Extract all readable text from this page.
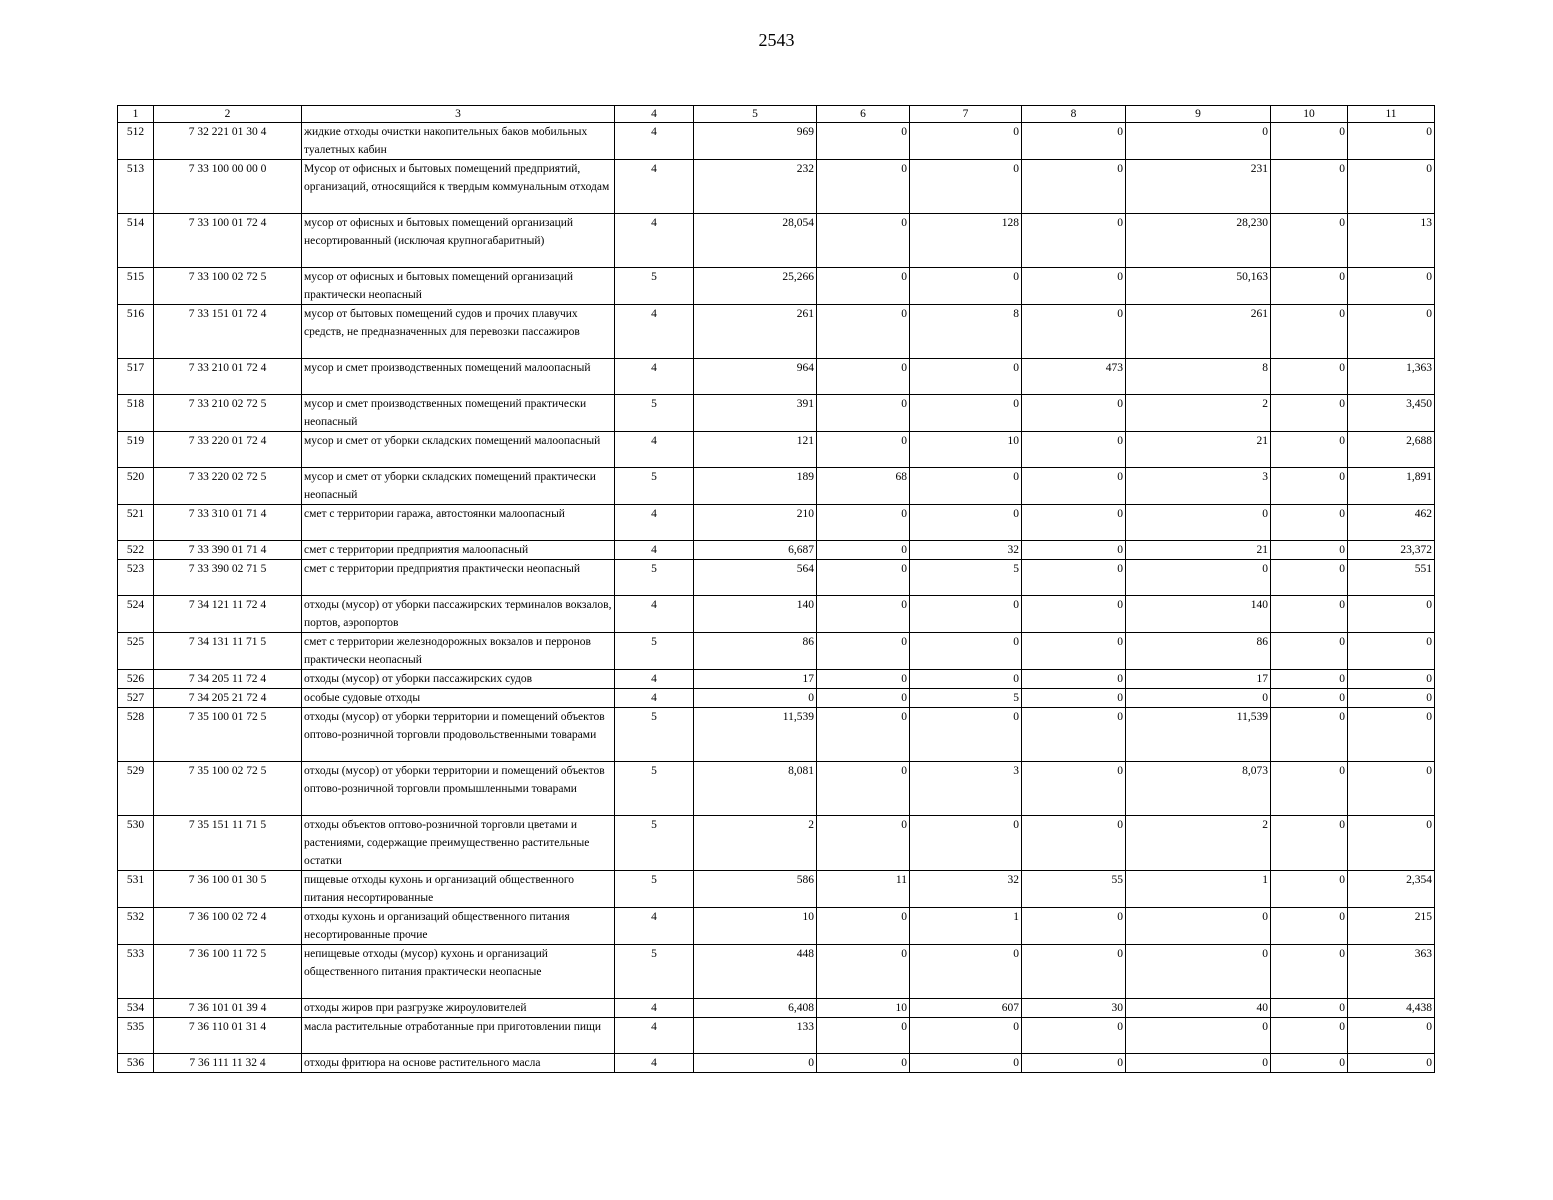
2543
1	2	3	4	5	6	7	8	9	10	11
512	7 32 221 01 30 4	жидкие отходы очистки накопительных баков мобильных туалетных кабин	4	969	0	0	0	0	0	0
513	7 33 100 00 00 0	Мусор от офисных и бытовых помещений предприятий, организаций, относящийся к твердым коммунальным отходам	4	232	0	0	0	231	0	0
514	7 33 100 01 72 4	мусор от офисных и бытовых помещений организаций несортированный (исключая крупногабаритный)	4	28,054	0	128	0	28,230	0	13
515	7 33 100 02 72 5	мусор от офисных и бытовых помещений организаций практически неопасный	5	25,266	0	0	0	50,163	0	0
516	7 33 151 01 72 4	мусор от бытовых помещений судов и прочих плавучих средств, не предназначенных для перевозки пассажиров	4	261	0	8	0	261	0	0
517	7 33 210 01 72 4	мусор и смет производственных помещений малоопасный	4	964	0	0	473	8	0	1,363
518	7 33 210 02 72 5	мусор и смет производственных помещений практически неопасный	5	391	0	0	0	2	0	3,450
519	7 33 220 01 72 4	мусор и смет от уборки складских помещений малоопасный	4	121	0	10	0	21	0	2,688
520	7 33 220 02 72 5	мусор и смет от уборки складских помещений практически неопасный	5	189	68	0	0	3	0	1,891
521	7 33 310 01 71 4	смет с территории гаража, автостоянки малоопасный	4	210	0	0	0	0	0	462
522	7 33 390 01 71 4	смет с территории предприятия малоопасный	4	6,687	0	32	0	21	0	23,372
523	7 33 390 02 71 5	смет с территории предприятия практически неопасный	5	564	0	5	0	0	0	551
524	7 34 121 11 72 4	отходы (мусор) от уборки пассажирских терминалов вокзалов, портов, аэропортов	4	140	0	0	0	140	0	0
525	7 34 131 11 71 5	смет с территории железнодорожных вокзалов и перронов практически неопасный	5	86	0	0	0	86	0	0
526	7 34 205 11 72 4	отходы (мусор) от уборки пассажирских судов	4	17	0	0	0	17	0	0
527	7 34 205 21 72 4	особые судовые отходы	4	0	0	5	0	0	0	0
528	7 35 100 01 72 5	отходы (мусор) от уборки территории и помещений объектов оптово-розничной торговли продовольственными товарами	5	11,539	0	0	0	11,539	0	0
529	7 35 100 02 72 5	отходы (мусор) от уборки территории и помещений объектов оптово-розничной торговли промышленными товарами	5	8,081	0	3	0	8,073	0	0
530	7 35 151 11 71 5	отходы объектов оптово-розничной торговли цветами и растениями, содержащие преимущественно растительные остатки	5	2	0	0	0	2	0	0
531	7 36 100 01 30 5	пищевые отходы кухонь и организаций общественного питания несортированные	5	586	11	32	55	1	0	2,354
532	7 36 100 02 72 4	отходы кухонь и организаций общественного питания несортированные прочие	4	10	0	1	0	0	0	215
533	7 36 100 11 72 5	непищевые отходы (мусор) кухонь и организаций общественного питания практически неопасные	5	448	0	0	0	0	0	363
534	7 36 101 01 39 4	отходы жиров при разгрузке жироуловителей	4	6,408	10	607	30	40	0	4,438
535	7 36 110 01 31 4	масла растительные отработанные при приготовлении пищи	4	133	0	0	0	0	0	0
536	7 36 111 11 32 4	отходы фритюра на основе растительного масла	4	0	0	0	0	0	0	0
